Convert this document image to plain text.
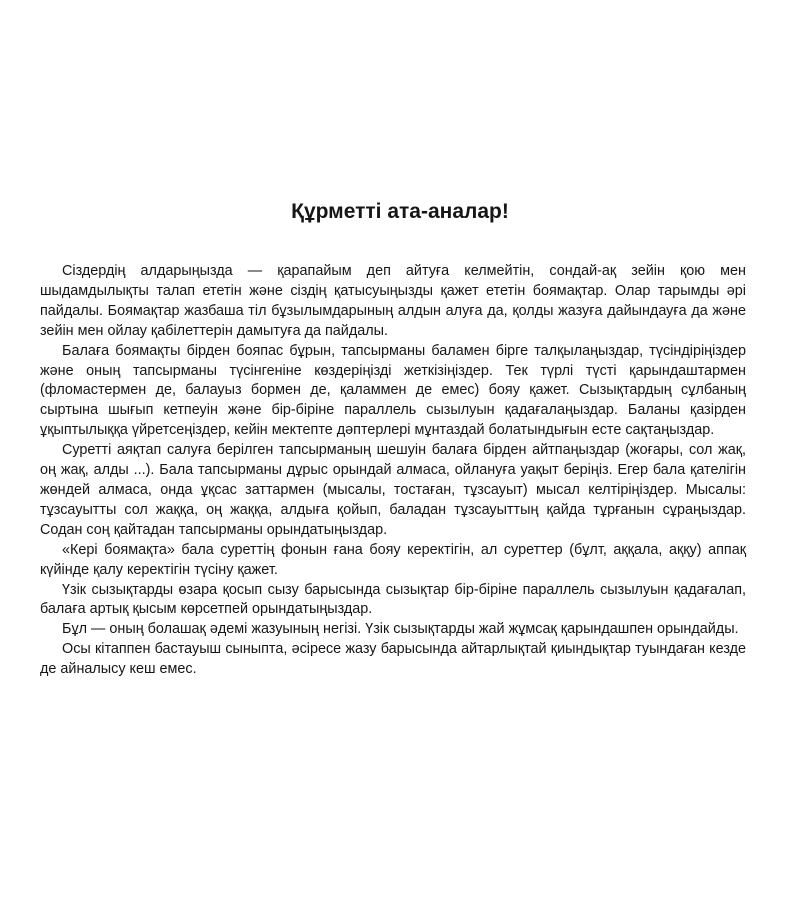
Құрметті ата-аналар!

Сіздердің алдарыңызда — қарапайым деп айтуға келмейтін, сондай-ақ зейін қою мен шыдамдылықты талап ететін және сіздің қатысуыңызды қажет ететін боямақтар. Олар тарымды әрі пайдалы. Боямақтар жазбаша тіл бұзылымдарының алдын алуға да, қолды жазуға дайындауға да және зейін мен ойлау қабілеттерін дамытуға да пайдалы.

Балаға боямақты бірден бояпас бұрын, тапсырманы баламен бірге талқылаңыздар, түсіндіріңіздер және оның тапсырманы түсінгеніне көздеріңізді жеткізіңіздер. Тек түрлі түсті қарындаштармен (фломастермен де, балауыз бормен де, қаламмен де емес) бояу қажет. Сызықтардың сұлбаның сыртына шығып кетпеуін және бір-біріне параллель сызылуын қадағалаңыздар. Баланы қазірден ұқыптылыққа үйретсеңіздер, кейін мектепте дәптерлері мұнтаздай болатындығын есте сақтаңыздар.

Суретті аяқтап салуға берілген тапсырманың шешуін балаға бірден айтпаңыздар (жоғары, сол жақ, оң жақ, алды ...). Бала тапсырманы дұрыс орындай алмаса, ойлануға уақыт беріңіз. Егер бала қателігін жөндей алмаса, онда ұқсас заттармен (мысалы, тостаған, тұзсауыт) мысал келтіріңіздер. Мысалы: тұзсауытты сол жаққа, оң жаққа, алдыға қойып, баладан тұзсауыттың қайда тұрғанын сұраңыздар. Содан соң қайтадан тапсырманы орындатыңыздар.

«Кері боямақта» бала суреттің фонын ғана бояу керектігін, ал суреттер (бұлт, аққала, аққу) аппақ күйінде қалу керектігін түсіну қажет.

Үзік сызықтарды өзара қосып сызу барысында сызықтар бір-біріне параллель сызылуын қадағалап, балаға артық қысым көрсетпей орындатыңыздар.

Бұл — оның болашақ әдемі жазуының негізі. Үзік сызықтарды жай жұмсақ қарындашпен орындайды.

Осы кітаппен бастауыш сыныпта, әсіресе жазу барысында айтарлықтай қиындықтар туындаған кезде де айналысу кеш емес.
